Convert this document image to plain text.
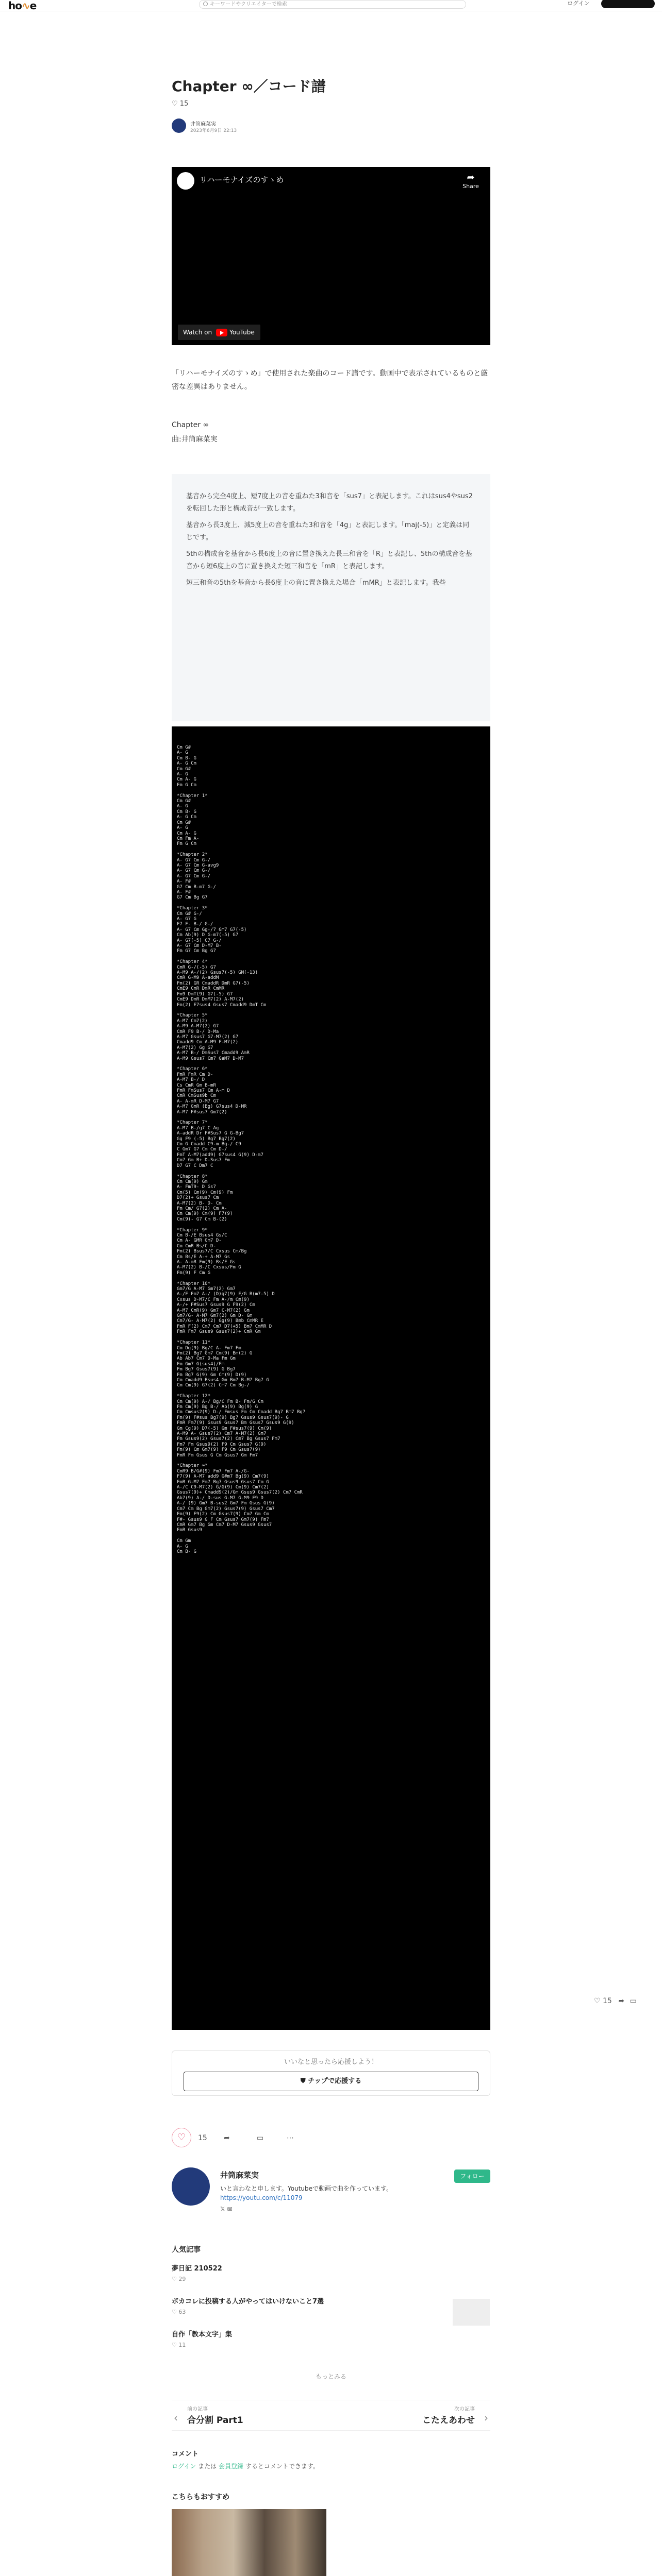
ho∿e	キーワードやクリエイターで検索	ログイン
Chapter ∞／コード譜
♡ 15
井筒麻菜実
2023年6月9日 22:13
リハーモナイズのすゝめ	➦
Share
Watch on	YouTube
「リハーモナイズのすゝめ」で使用された楽曲のコード譜です。動画中で表示されているものと厳密な差異はありません。
Chapter ∞
曲:井筒麻菜実

基音から完全4度上、短7度上の音を重ねた3和音を「sus7」と表記します。これはsus4やsus2を転回した形と構成音が一致します。

基音から長3度上、減5度上の音を重ねた3和音を「4g」と表記します。「maj(-5)」と定義は同じです。

5thの構成音を基音から長6度上の音に置き換えた長三和音を「R」と表記し、5thの構成音を基音から短6度上の音に置き換えた短三和音を「mR」と表記します。

短三和音の5thを基音から長6度上の音に置き換えた場合「mMR」と表記します。我些

Cm G#
A- G
Cm B- G
A- G Cm
Cm G#
A- G
Cm A- G
Fm G Cm

*Chapter 1*
Cm G#
A- G
Cm B- G
A- G Cm
Cm G#
A- G
Cm A- G
Cm Fm A-
Fm G Cm

*Chapter 2*
A- G7 Cm G-/
A- G7 Cm G-avg9
A- G7 Cm G-/
A- G7 Cm G-/
A- F#
G7 Cm B-m7 G-/
A- F#
G7 Cm Bg G7

*Chapter 3*
Cm G# G-/
A- G7 G
F7 F- B-/ G-/
A- G7 Cm Gg-/7 Gm7 G7(-5)
Cm Ab(9) D G-m7(-5) G7
A- G7(-5) C7 G-/
A- G7 Cm D-M7 B-
Fm G7 Cm Bg G7

*Chapter 4*
CmR G-/(-5) G7
A-M9 A-/(2) Gsus7(-5) GM(-13)
CmR G-M9 A-addM
Fm(2) GR CmaddR DmR G7(-5)
CmE9 CmR DmR CmMR
Fm9 DmT(9) G7(-5) G7
CmE9 DmR DmM7(2) A-M7(2)
Fm(2) E7sus4 Gsus7 Cmadd9 DmT Cm

*Chapter 5*
A-M7 Cm7(2)
A-M9 A-M7(2) G7
CmR F9 B-/ D-Ma
A-M7 Gsus7 G7-M7(2) G7
Cmadd9 Cm A-M9 F-M7(2)
A-M7(2) Gg G7
A-M7 B-/ DmSus7 Cmadd9 AmR
A-M9 Gsus7 Cm7 GaM7 D-M7

*Chapter 6*
FmR FmR Cm D-
A-M7 B-/ D
Cs CmR Gm B-mR
FmR FmSus7 Cm A-m D
CmR CmSus9b Cm
A- A-mR D-M7 G7
A-M7 GmR (Bg) G7sus4 D-MR
A-M7 F#sus7 Gm7(2)

*Chapter 7*
A-M7 B-/g7 C Ag
A-addR Dr F#Sus7 G G-Bg7
Gg F9 (-5) Bg7 Bg7(2)
Cm G Cmadd C9-m Bg-/ C9
C Gm7 G7 Cm Cm D-/
FmT A-M7(add9) G7sus4 G(9) D-m7
Cm7 Gm B+ D-Sus7 Fm
D7 G7 C Dm7 C

*Chapter 8*
Cm Cm(9) Gm
A- FmT9- D Gs7
Cm(5) Cm(9) Cm(9) Fm
D7(2)+ Gsus7 Cm
A-M7(2) B- D- Cm
Fm Cm/ G7(2) Cm A-
Cm Cm(9) Cm(9) F7(9)
Cm(9)- G7 Cm B-(2)

*Chapter 9*
Cm B-/E Bsus4 Gs/C
Cm A- GMR Gm7 D-
Cm CmR Bs/C D-
Fm(2) Bsus7/C Cxsus Cm/Bg
Cm Bs/E A-+ A-M7 Gs
A- A-mR Fm(9) Bs/E Gs
A-M7(2) B-/C Cxsus/Fm G
Fm(9) F Cm G

*Chapter 10*
Gm7/G A-M7 Gm7(2) Gm7
A-/F Fm7 A-/ (D)g7(9) F/G B(m7-5) D
Cxsus D-M7/C Fm A-/m Cm(9)
A-/+ F#Sus7 Gsus9 G F9(2) Cm
A-M7 CmR(9) Gm7 C-M7(2) Gm
Gm7/G- A-M7 Gm7(2) Gm D- Gm
Cm7/G- A-M7(2) Gg(9) Bmb CmMR E
FmR F(2) Cm7 Cm7 D7(+5) Bm7 CmMR D
FmR Fm7 Gsus9 Gsus7(2)+ CmR Gm

*Chapter 11*
Cm Dg(9) Bg/C A- Fm7 Fm
Fm(2) Bg7 Gm7 Cm(9) Bm(2) G
Ab Ab7 Cm7 D-Ma Fm Gm
Fm Gm7 G(sus4)/Fm
Fm Bg7 Gsus7(9) G Bg7
Fm Bg7 G(9) Gm Cm(9) D(9)
Cm Cmadd9 Bsus4 Gm Bm7 B-M7 Bg7 G
Cm Cm(9) G7(2) Cm7 Cm Bg-/

*Chapter 12*
Cm Cm(9) A-/ Bg/C Fm B- Fm/G Cm
Fm Cm(9) Bg B-/ Ab(9) Bg(9) G
Cm Cmsus2(9) D-/ Fmsus Fm Cm Cmadd Bg7 Bm7 Bg7
Fm(9) F#sus Bg7(9) Bg7 Gsus9 Gsus7(9)- G
FmR Fm7(9) Gsus9 Gsus7 Bm Gsus7 Gsus9 G(9)
Gm Cg(9) D7(-5) Gm F#sus7(9) Cm(9)
A-M9 A- Gsus7(2) Cm7 A-M7(2) Gm7
Fm Gsus9(2) Gsus7(2) Cm7 Bg Gsus7 Fm7
Fm7 Fm Gsus9(2) F9 Cm Gsus7 G(9)
Fm(9) Cm Gm7(9) F9 Cm Gsus7(9)
FmR Fm Gsus G Cm Gsus7 Gm Fm7

*Chapter ∞*
CmR9 B/G#(9) Fm7 Fm7 A-/G-
F7(9) A-M7 add9 G#m7 Bg(9) Cm7(9)
FmR G-M7 Fm7 Bg7 Gsus9 Gsus7 Cm G
A-/C C9-M7(2) G/G(9) Cm(9) Cm7(2)
Gsus7(9)+ Cmadd9(2)/Gm Gsus9 Gsus7(2) Cm7 CmR
Ab7(9) A-/ D-sus G-M7 G-M9 F9 D
A-/ (9) Gm7 B-sus2 Gm7 Fm Gsus G(9)
Cm7 Cm Bg Gm7(2) Gsus7(9) Gsus7 Cm7
Fm(9) F9(2) Cm Gsus7(9) Cm7 Gm Cm
F#- Gsus9 G F Cm Gsus7 Gm7(9) Fm7
CmR Gm7 Bg Gm Cm7 D-M7 Gsus9 Gsus7
FmR Gsus9

Cm Gm
A- G
Cm B- G
いいなと思ったら応援しよう！
⛊ チップで応援する
♡	15 ➦	▭	⋯
井筒麻菜実
いと言わなと申します。Youtubeで動画で曲を作っています。
https://youtu.com/c/11079
𝕏 ✉
フォロー
人気記事
夢日記 210522
♡ 29
ボカコレに投稿する人がやってはいけないこと7選
♡ 63
自作「教本文字」集
♡ 11
もっとみる
‹
前の記事
合分割 Part1
次の記事
こたえあわせ ›
コメント
ログイン または 会員登録 するとコメントできます。
こちらもおすすめ
♡ 15 ➦ ▭
